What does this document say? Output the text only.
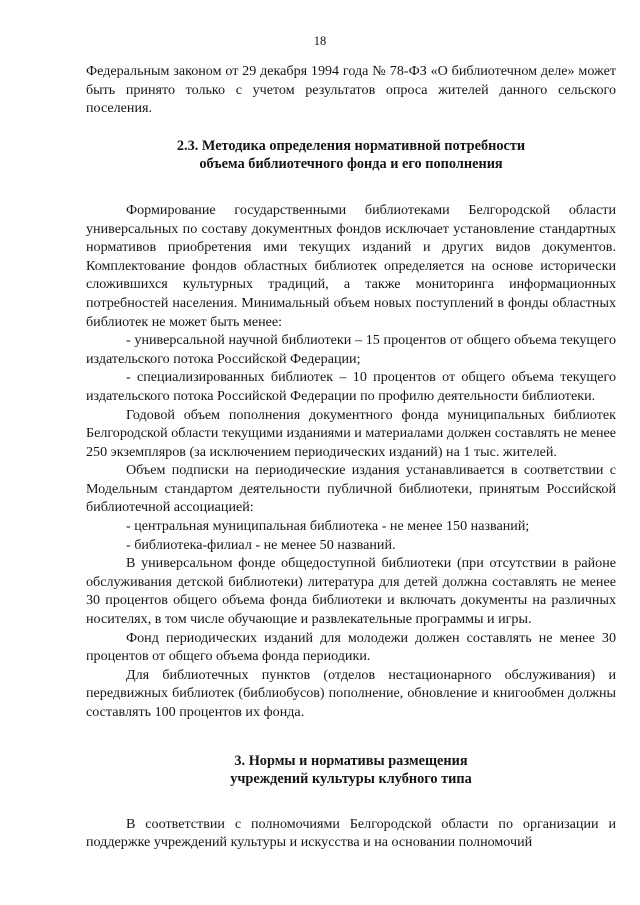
18

Федеральным законом от 29 декабря 1994 года № 78-ФЗ «О библиотечном деле» может быть принято только с учетом результатов опроса жителей данного сельского поселения.

2.3. Методика определения нормативной потребности
объема библиотечного фонда и его пополнения

Формирование государственными библиотеками Белгородской области универсальных по составу документных фондов исключает установление стандартных нормативов приобретения ими текущих изданий и других видов документов. Комплектование фондов областных библиотек определяется на основе исторически сложившихся культурных традиций, а также мониторинга информационных потребностей населения. Минимальный объем новых поступлений в фонды областных библиотек не может быть менее:

- универсальной научной библиотеки – 15 процентов от общего объема текущего издательского потока Российской Федерации;

- специализированных библиотек – 10 процентов от общего объема текущего издательского потока Российской Федерации по профилю деятельности библиотеки.

Годовой объем пополнения документного фонда муниципальных библиотек Белгородской области текущими изданиями и материалами должен составлять не менее 250 экземпляров (за исключением периодических изданий) на 1 тыс. жителей.

Объем подписки на периодические издания устанавливается в соответствии с Модельным стандартом деятельности публичной библиотеки, принятым Российской библиотечной ассоциацией:

- центральная муниципальная библиотека - не менее 150 названий;

- библиотека-филиал - не менее 50 названий.

В универсальном фонде общедоступной библиотеки (при отсутствии в районе обслуживания детской библиотеки) литература для детей должна составлять не менее 30 процентов общего объема фонда библиотеки и включать документы на различных носителях, в том числе обучающие и развлекательные программы и игры.

Фонд периодических изданий для молодежи должен составлять не менее 30 процентов от общего объема фонда периодики.

Для библиотечных пунктов (отделов нестационарного обслуживания) и передвижных библиотек (библиобусов) пополнение, обновление и книгообмен должны составлять 100 процентов их фонда.

3. Нормы и нормативы размещения
учреждений культуры клубного типа

В соответствии с полномочиями Белгородской области по организации и поддержке учреждений культуры и искусства и на основании полномочий
